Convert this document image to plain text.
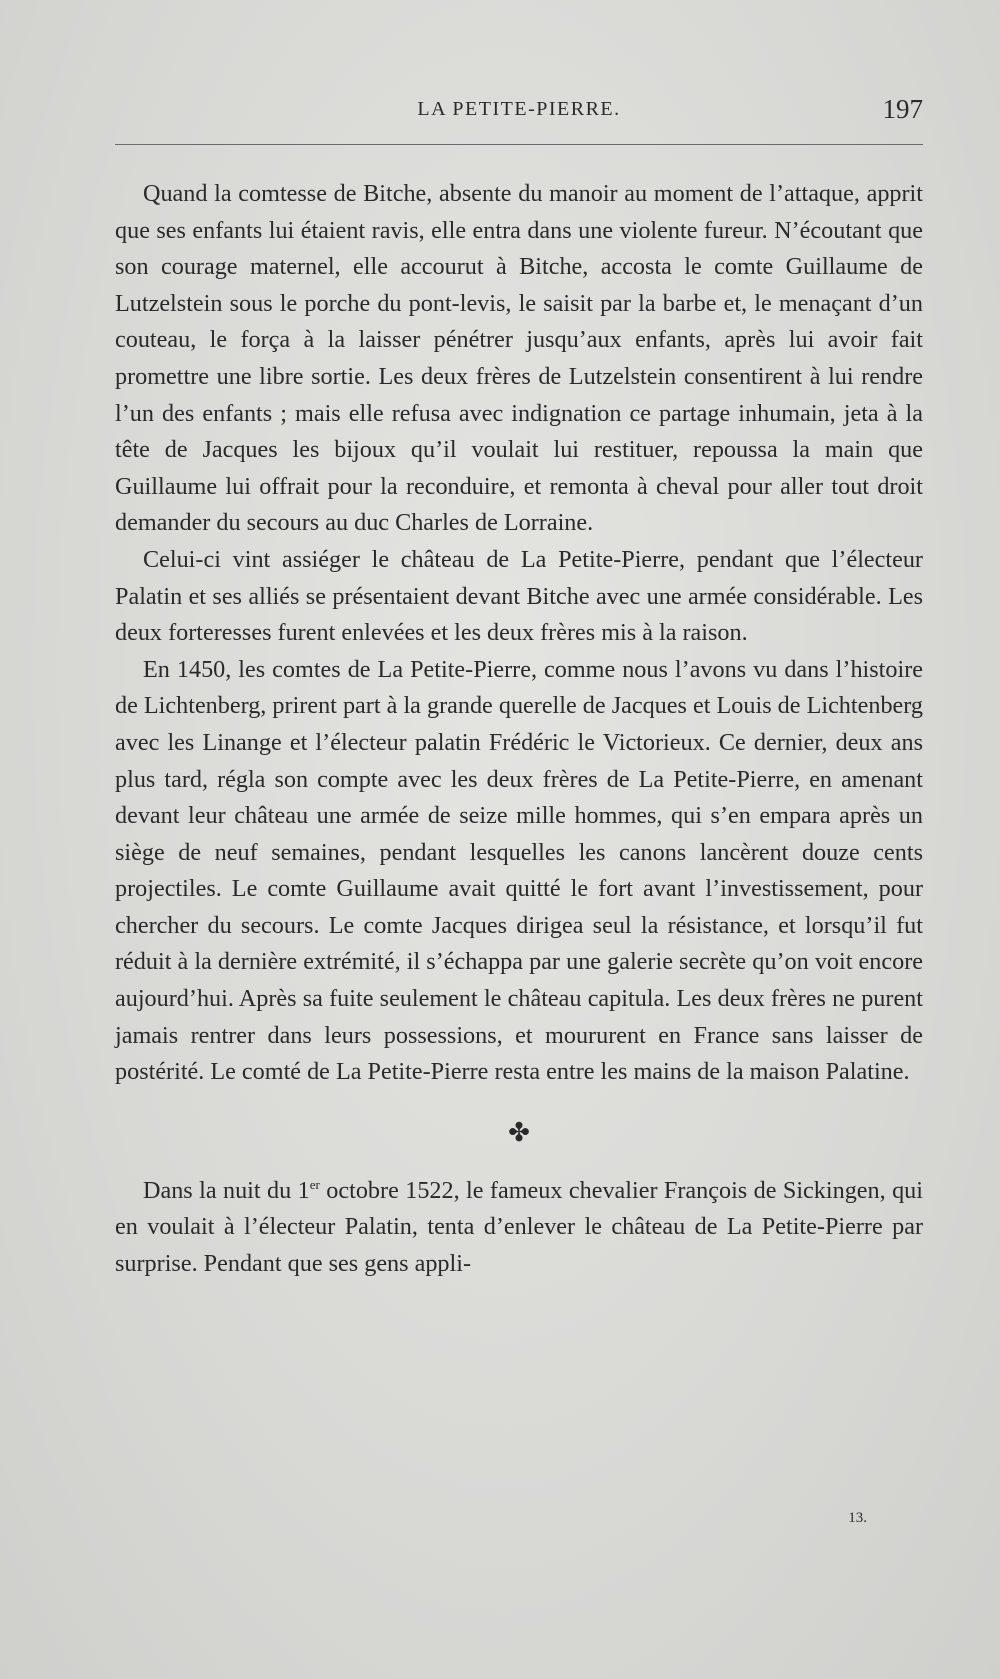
LA PETITE-PIERRE.	197

Quand la comtesse de Bitche, absente du manoir au moment de l’attaque, apprit que ses enfants lui étaient ravis, elle entra dans une violente fureur. N’écoutant que son courage maternel, elle accourut à Bitche, accosta le comte Guillaume de Lutzelstein sous le porche du pont-levis, le saisit par la barbe et, le menaçant d’un couteau, le força à la laisser pénétrer jusqu’aux enfants, après lui avoir fait promettre une libre sortie. Les deux frères de Lutzelstein consentirent à lui rendre l’un des enfants ; mais elle refusa avec indignation ce partage inhumain, jeta à la tête de Jacques les bijoux qu’il voulait lui restituer, repoussa la main que Guillaume lui offrait pour la reconduire, et remonta à cheval pour aller tout droit demander du secours au duc Charles de Lorraine.

Celui-ci vint assiéger le château de La Petite-Pierre, pendant que l’électeur Palatin et ses alliés se présentaient devant Bitche avec une armée considérable. Les deux forteresses furent enlevées et les deux frères mis à la raison.

En 1450, les comtes de La Petite-Pierre, comme nous l’avons vu dans l’histoire de Lichtenberg, prirent part à la grande querelle de Jacques et Louis de Lichtenberg avec les Linange et l’électeur palatin Frédéric le Victorieux. Ce dernier, deux ans plus tard, régla son compte avec les deux frères de La Petite-Pierre, en amenant devant leur château une armée de seize mille hommes, qui s’en empara après un siège de neuf semaines, pendant lesquelles les canons lancèrent douze cents projectiles. Le comte Guillaume avait quitté le fort avant l’investissement, pour chercher du secours. Le comte Jacques dirigea seul la résistance, et lorsqu’il fut réduit à la dernière extrémité, il s’échappa par une galerie secrète qu’on voit encore aujourd’hui. Après sa fuite seulement le château capitula. Les deux frères ne purent jamais rentrer dans leurs possessions, et moururent en France sans laisser de postérité. Le comté de La Petite-Pierre resta entre les mains de la maison Palatine.

✤

Dans la nuit du 1er octobre 1522, le fameux chevalier François de Sickingen, qui en voulait à l’électeur Palatin, tenta d’enlever le château de La Petite-Pierre par surprise. Pendant que ses gens appli-

13.
